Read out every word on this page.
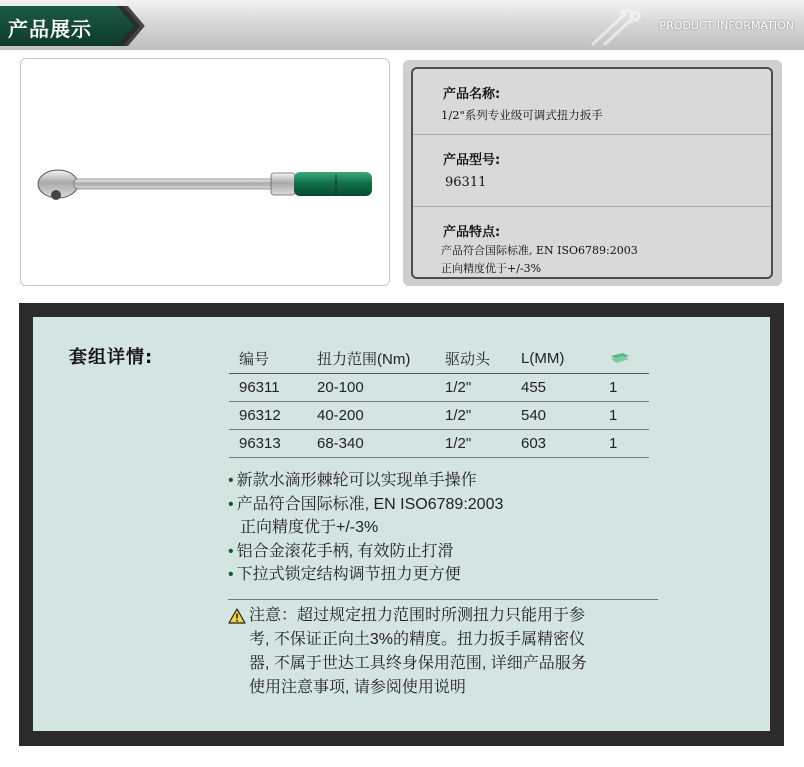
产品展示	PRODUCT INFORMATION
产品名称:
1/2"系列专业级可调式扭力扳手
产品型号:
96311
产品特点:
产品符合国际标准, EN ISO6789:2003
正向精度优于+/-3%
套组详情:	编号	扭力范围(Nm)	驱动头	L(MM)	
96311	20-100	1/2"	455	1
96312	40-200	1/2"	540	1
96313	68-340	1/2"	603	1
• 新款水滴形棘轮可以实现单手操作
• 产品符合国际标准, EN ISO6789:2003
正向精度优于+/-3%
• 铝合金滚花手柄, 有效防止打滑
• 下拉式锁定结构调节扭力更方便
注意：超过规定扭力范围时所测扭力只能用于参
考, 不保证正向土3%的精度。扭力扳手属精密仪
器, 不属于世达工具终身保用范围, 详细产品服务
使用注意事项, 请参阅使用说明
